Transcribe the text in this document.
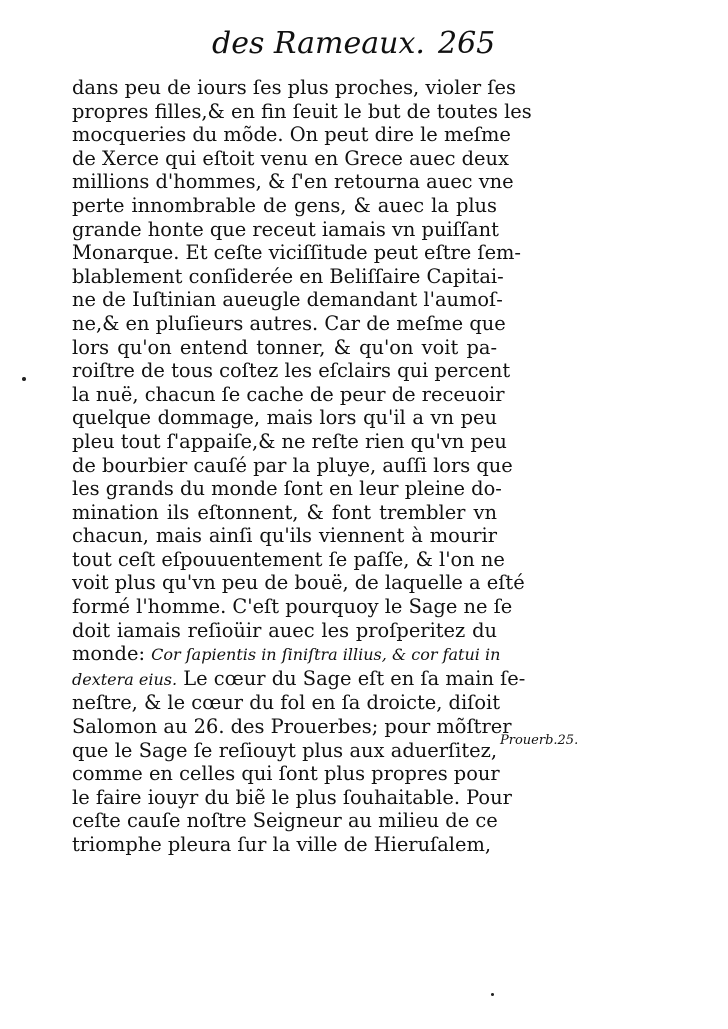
des Rameaux. 265
dans peu de iours ſes plus proches, violer ſes
propres filles,& en fin ſeuit le but de toutes les
mocqueries du mõde. On peut dire le meſme
de Xerce qui eſtoit venu en Grece auec deux
millions d'hommes, & ſ'en retourna auec vne
perte innombrable de gens, & auec la plus
grande honte que receut iamais vn puiſſant
Monarque. Et ceſte viciſſitude peut eſtre ſem-
blablement conſiderée en Beliſſaire Capitai-
ne de Iuſtinian aueugle demandant l'aumoſ-
ne,& en pluſieurs autres. Car de meſme que
lors qu'on entend tonner, & qu'on voit pa-
roiſtre de tous coſtez les eſclairs qui percent
la nuë, chacun ſe cache de peur de receuoir
quelque dommage, mais lors qu'il a vn peu
pleu tout ſ'appaiſe,& ne reſte rien qu'vn peu
de bourbier cauſé par la pluye, auſſi lors que
les grands du monde ſont en leur pleine do-
mination ils eſtonnent, & font trembler vn
chacun, mais ainſi qu'ils viennent à mourir
tout ceſt eſpouuentement ſe paſſe, & l'on ne
voit plus qu'vn peu de bouë, de laquelle a eſté
formé l'homme. C'eſt pourquoy le Sage ne ſe
doit iamais reſioüir auec les proſperitez du
monde: Cor ſapientis in ſiniſtra illius, & cor fatui in
dextera eius. Le cœur du Sage eſt en ſa main ſe-
neſtre, & le cœur du fol en ſa droicte, diſoit
Salomon au 26. des Prouerbes; pour mõſtrer
que le Sage ſe reſiouyt plus aux aduerſitez,
comme en celles qui ſont plus propres pour
le faire iouyr du biẽ le plus ſouhaitable. Pour
ceſte cauſe noſtre Seigneur au milieu de ce
triomphe pleura ſur la ville de Hieruſalem,
Prouerb.25.
